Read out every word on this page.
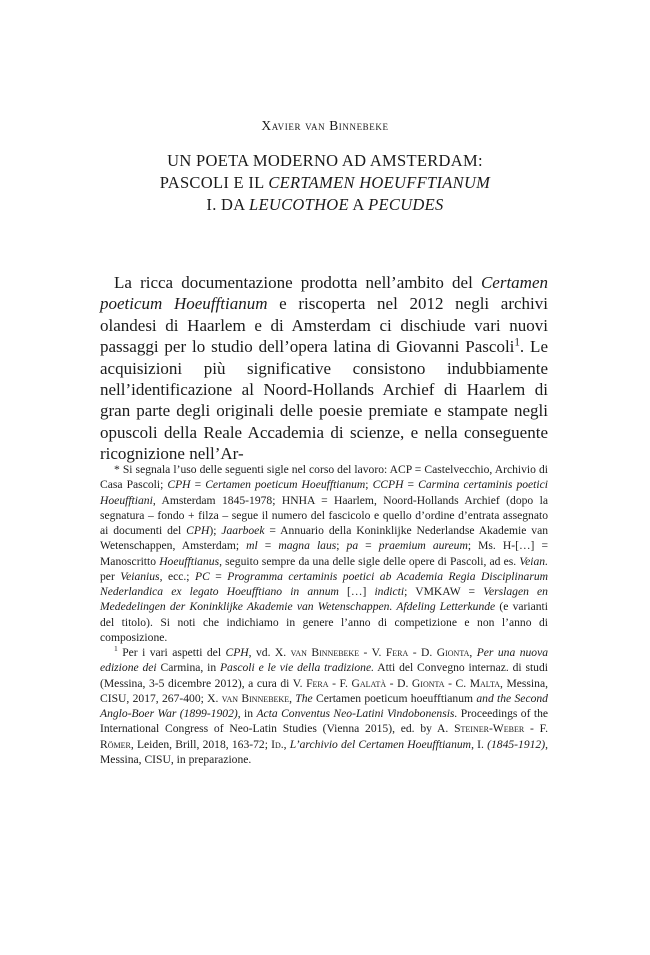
Xavier van Binnebeke
UN POETA MODERNO AD AMSTERDAM:
PASCOLI E IL CERTAMEN HOEUFFTIANUM
I. DA LEUCOTHOE A PECUDES
La ricca documentazione prodotta nell’ambito del Certamen poeticum Hoeufftianum e riscoperta nel 2012 negli archivi olandesi di Haarlem e di Amsterdam ci dischiude vari nuovi passaggi per lo studio dell’opera latina di Giovanni Pascoli$^1$. Le acquisizioni più significative consistono indubbiamente nell’identificazione al Noord-Hollands Archief di Haarlem di gran parte degli originali delle poesie premiate e stampate negli opuscoli della Reale Accademia di scienze, e nella conseguente ricognizione nell’Ar-

* Si segnala l’uso delle seguenti sigle nel corso del lavoro: ACP = Castelvecchio, Archivio di Casa Pascoli; CPH = Certamen poeticum Hoeufftianum; CCPH = Carmina certaminis poetici Hoeufftiani, Amsterdam 1845-1978; HNHA = Haarlem, Noord-Hollands Archief (dopo la segnatura – fondo + filza – segue il numero del fascicolo e quello d’ordine d’entrata assegnato ai documenti del CPH); Jaarboek = Annuario della Koninklijke Nederlandse Akademie van Wetenschappen, Amsterdam; ml = magna laus; pa = praemium aureum; Ms. H-[…] = Manoscritto Hoeufftianus, seguito sempre da una delle sigle delle opere di Pascoli, ad es. Veian. per Veianius, ecc.; PC = Programma certaminis poetici ab Academia Regia Disciplinarum Nederlandica ex legato Hoeufftiano in annum […] indicti; VMKAW = Verslagen en Mededelingen der Koninklijke Akademie van Wetenschappen. Afdeling Letterkunde (e varianti del titolo). Si noti che indichiamo in genere l’anno di competizione e non l’anno di composizione.

$^1$ Per i vari aspetti del CPH, vd. X. van Binnebeke - V. Fera - D. Gionta, Per una nuova edizione dei Carmina, in Pascoli e le vie della tradizione. Atti del Convegno internaz. di studi (Messina, 3-5 dicembre 2012), a cura di V. Fera - F. Galatà - D. Gionta - C. Malta, Messina, CISU, 2017, 267-400; X. van Binnebeke, The Certamen poeticum hoeufftianum and the Second Anglo-Boer War (1899-1902), in Acta Conventus Neo-Latini Vindobonensis. Proceedings of the International Congress of Neo-Latin Studies (Vienna 2015), ed. by A. Steiner-Weber - F. Römer, Leiden, Brill, 2018, 163-72; Id., L’archivio del Certamen Hoeufftianum, I. (1845-1912), Messina, CISU, in preparazione.
